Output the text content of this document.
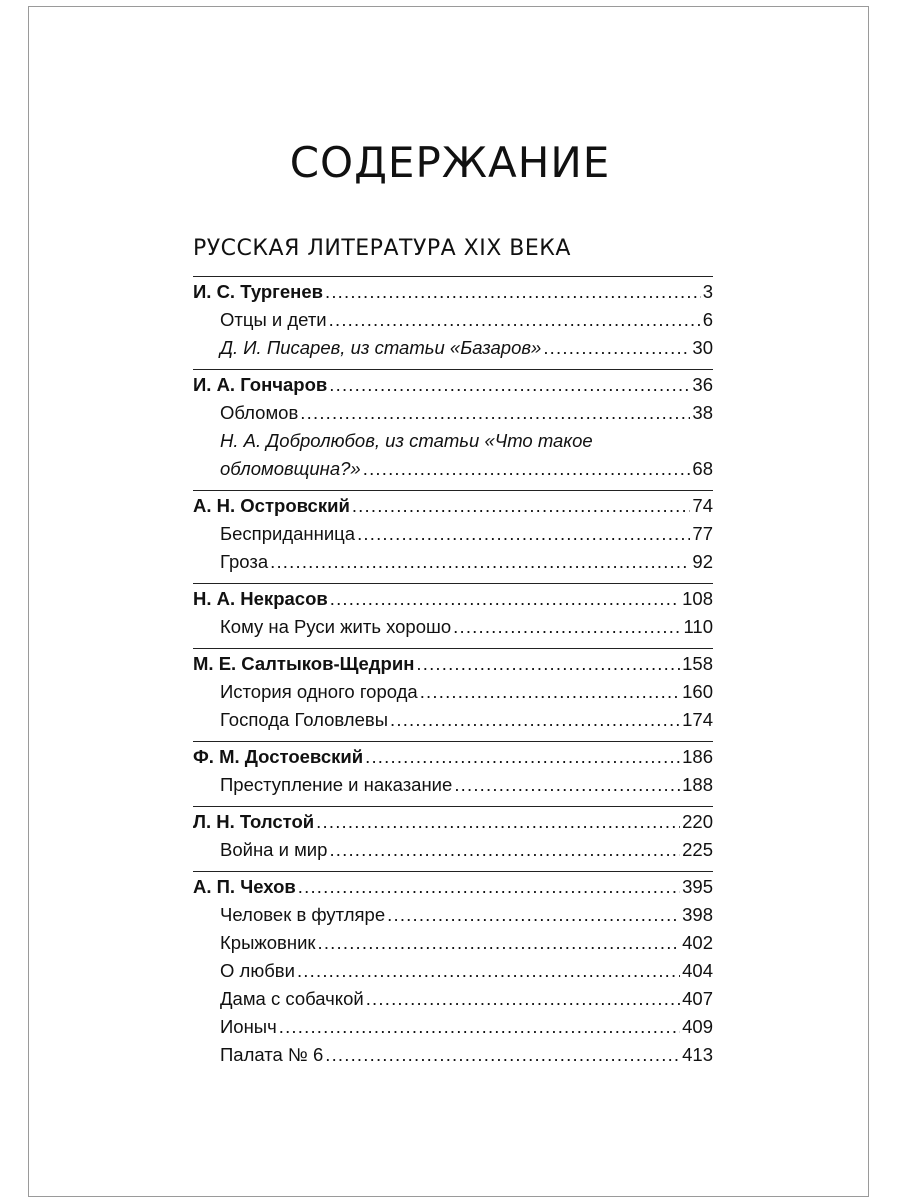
СОДЕРЖАНИЕ
РУССКАЯ ЛИТЕРАТУРА XIX ВЕКА
И. С. Тургенев .....	3
Отцы и дети .....	6
Д. И. Писарев, из статьи «Базаров» .....	30
И. А. Гончаров .....	36
Обломов .....	38
Н. А. Добролюбов, из статьи «Что такое
обломовщина?» .....	68
А. Н. Островский .....	74
Бесприданница .....	77
Гроза .....	92
Н. А. Некрасов .....	108
Кому на Руси жить хорошо .....	110
М. Е. Салтыков-Щедрин .....	158
История одного города .....	160
Господа Головлевы .....	174
Ф. М. Достоевский .....	186
Преступление и наказание .....	188
Л. Н. Толстой .....	220
Война и мир .....	225
А. П. Чехов .....	395
Человек в футляре .....	398
Крыжовник .....	402
О любви .....	404
Дама с собачкой .....	407
Ионыч .....	409
Палата № 6 .....	413
